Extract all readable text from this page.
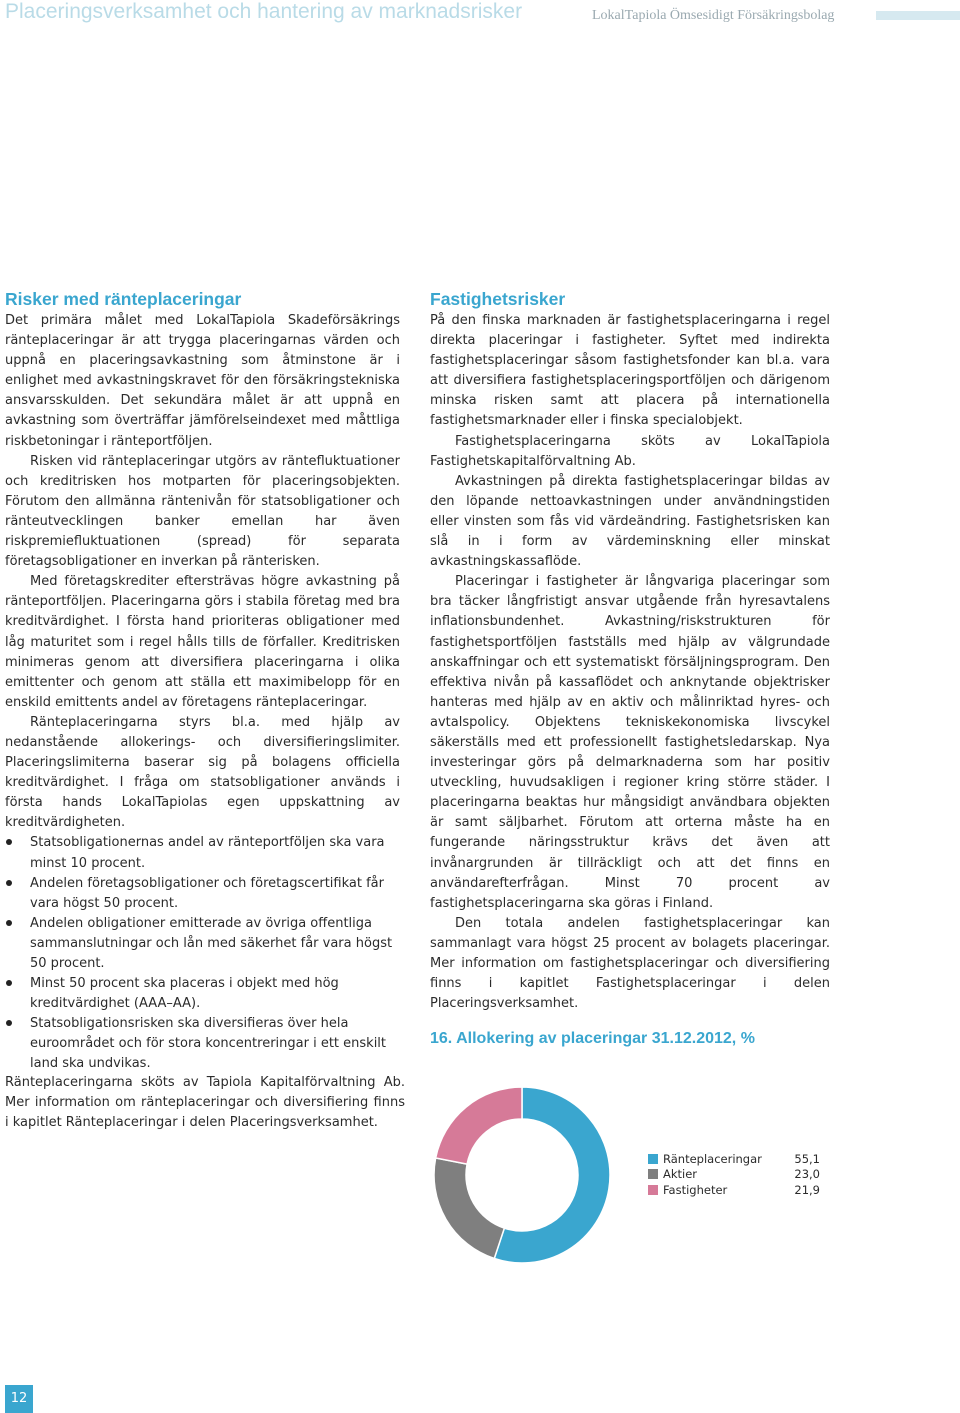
Placeringsverksamhet och hantering av marknadsrisker	LokalTapiola Ömsesidigt Försäkringsbolag
Risker med ränteplaceringar

Det primära målet med LokalTapiola Skadeförsäkrings ränteplaceringar är att trygga placeringarnas värden och uppnå en placeringsavkastning som åtminstone är i enlighet med avkastningskravet för den försäkringstekniska ansvarsskulden. Det sekundära målet är att uppnå en avkastning som överträffar jämförelseindexet med måttliga riskbetoningar i ränteportföljen.

Risken vid ränteplaceringar utgörs av räntefluktuationer och kreditrisken hos motparten för placeringsobjekten. Förutom den allmänna räntenivån för statsobligationer och ränteutvecklingen banker emellan har även riskpremiefluktuationen (spread) för separata företagsobligationer en inverkan på ränterisken.

Med företagskrediter eftersträvas högre avkastning på ränteportföljen. Placeringarna görs i stabila företag med bra kreditvärdighet. I första hand prioriteras obligationer med låg maturitet som i regel hålls tills de förfaller. Kreditrisken minimeras genom att diversifiera placeringarna i olika emittenter och genom att ställa ett maximibelopp för en enskild emittents andel av företagens ränteplaceringar.

Ränteplaceringarna styrs bl.a. med hjälp av nedanstående allokerings- och diversifieringslimiter. Placeringslimiterna baserar sig på bolagens officiella kreditvärdighet. I fråga om statsobligationer används i första hands LokalTapiolas egen uppskattning av kreditvärdigheten.

Statsobligationernas andel av ränteportföljen ska vara minst 10 procent.
Andelen företagsobligationer och företagscertifikat får vara högst 50 procent.
Andelen obligationer emitterade av övriga offentliga sammanslutningar och lån med säkerhet får vara högst 50 procent.
Minst 50 procent ska placeras i objekt med hög kreditvärdighet (AAA–AA).
Statsobligationsrisken ska diversifieras över hela euroområdet och för stora koncentreringar i ett enskilt land ska undvikas.

Ränteplaceringarna sköts av Tapiola Kapitalförvaltning Ab. Mer information om ränteplaceringar och diversifiering finns i kapitlet Ränteplaceringar i delen Placeringsverksamhet.

Fastighetsrisker

På den finska marknaden är fastighetsplaceringarna i regel direkta placeringar i fastigheter. Syftet med indirekta fastighetsplaceringar såsom fastighetsfonder kan bl.a. vara att diversifiera fastighetsplaceringsportföljen och därigenom minska risken samt att placera på internationella fastighetsmarknader eller i finska specialobjekt.

Fastighetsplaceringarna sköts av LokalTapiola Fastighetskapitalförvaltning Ab.

Avkastningen på direkta fastighetsplaceringar bildas av den löpande nettoavkastningen under användningstiden eller vinsten som fås vid värdeändring. Fastighetsrisken kan slå in i form av värdeminskning eller minskat avkastningskassaflöde.

Placeringar i fastigheter är långvariga placeringar som bra täcker långfristigt ansvar utgående från hyresavtalens inflationsbundenhet. Avkastning/riskstrukturen för fastighetsportföljen fastställs med hjälp av välgrundade anskaffningar och ett systematiskt försäljningsprogram. Den effektiva nivån på kassaflödet och anknytande objektrisker hanteras med hjälp av en aktiv och målinriktad hyres- och avtalspolicy. Objektens tekniskekonomiska livscykel säkerställs med ett professionellt fastighetsledarskap. Nya investeringar görs på delmarknaderna som har positiv utveckling, huvudsakligen i regioner kring större städer. I placeringarna beaktas hur mångsidigt användbara objekten är samt säljbarhet. Förutom att orterna måste ha en fungerande näringsstruktur krävs det även att invånargrunden är tillräckligt och att det finns en användarefterfrågan. Minst 70 procent av fastighetsplaceringarna ska göras i Finland.

Den totala andelen fastighetsplaceringar kan sammanlagt vara högst 25 procent av bolagets placeringar. Mer information om fastighetsplaceringar och diversifiering finns i kapitlet Fastighetsplaceringar i delen Placeringsverksamhet.

16. Allokering av placeringar 31.12.2012, %
Ränteplaceringar	55,1
Aktier	23,0
Fastigheter	21,9
12
